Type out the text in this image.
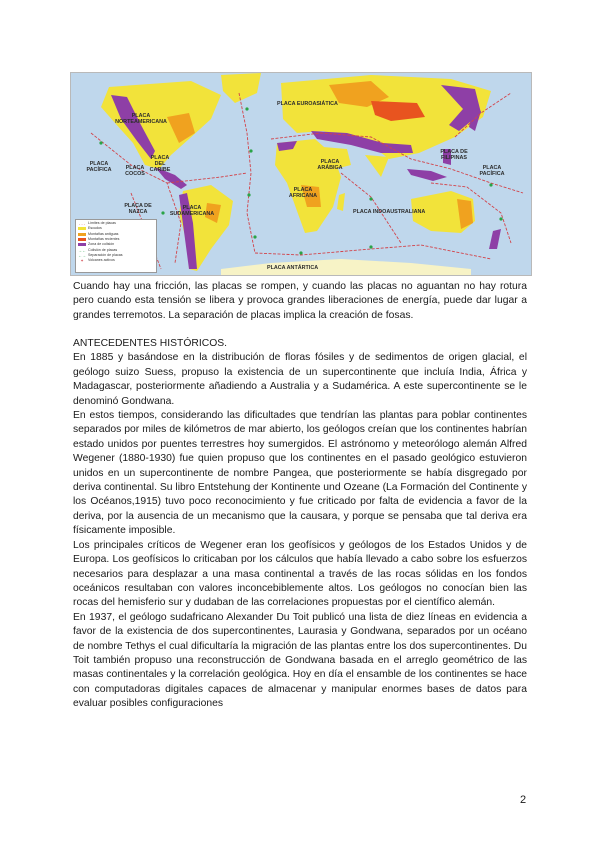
PLACA EUROASIÁTICA
PLACA NORTEAMERICANA
PLACA ARÁBIGA
PLACA DE FILIPINAS
PLACA PACÍFICA
PLACA PACÍFICA	PLACA COCOS
PLACA DEL CARIBE
PLACA DE NAZCA
PLACA SUDAMERICANA
PLACA AFRICANA
PLACA INDOAUSTRALIANA
PLACA ANTÁRTICA
- - - Límites de placas
Escudos
Montañas antiguas
Montañas recientes
Zona de colisión
→← Colisión de placas
←→ Separación de placas
✦	Volcanes activos

Cuando hay una fricción, las placas se rompen, y cuando las placas no aguantan no hay rotura pero cuando esta tensión se libera y provoca grandes liberaciones de energía, puede dar lugar a grandes terremotos. La separación de placas implica la creación de fosas.

ANTECEDENTES HISTÓRICOS.

En 1885 y basándose en la distribución de floras fósiles y de sedimentos de origen glacial, el geólogo suizo Suess, propuso la existencia de un supercontinente que incluía India, África y Madagascar, posteriormente añadiendo a Australia y a Sudamérica. A este supercontinente se le denominó Gondwana.

En estos tiempos, considerando las dificultades que tendrían las plantas para poblar continentes separados por miles de kilómetros de mar abierto, los geólogos creían que los continentes habrían estado unidos por puentes terrestres hoy sumergidos. El astrónomo y meteorólogo alemán Alfred Wegener (1880-1930) fue quien propuso que los continentes en el pasado geológico estuvieron unidos en un supercontinente de nombre Pangea, que posteriormente se había disgregado por deriva continental. Su libro Entstehung der Kontinente und Ozeane (La Formación del Continente y los Océanos,1915) tuvo poco reconocimiento y fue criticado por falta de evidencia a favor de la deriva, por la ausencia de un mecanismo que la causara, y porque se pensaba que tal deriva era físicamente imposible.

Los principales críticos de Wegener eran los geofísicos y geólogos de los Estados Unidos y de Europa. Los geofísicos lo criticaban por los cálculos que había llevado a cabo sobre los esfuerzos necesarios para desplazar a una masa continental a través de las rocas sólidas en los fondos oceánicos resultaban con valores inconcebiblemente altos. Los geólogos no conocían bien las rocas del hemisferio sur y dudaban de las correlaciones propuestas por el científico alemán.

En 1937, el geólogo sudafricano Alexander Du Toit publicó una lista de diez líneas en evidencia a favor de la existencia de dos supercontinentes, Laurasia y Gondwana, separados por un océano de nombre Tethys el cual dificultaría la migración de las plantas entre los dos supercontinentes. Du Toit también propuso una reconstrucción de Gondwana basada en el arreglo geométrico de las masas continentales y la correlación geológica. Hoy en día el ensamble de los continentes se hace con computadoras digitales capaces de almacenar y manipular enormes bases de datos para evaluar posibles configuraciones

2
